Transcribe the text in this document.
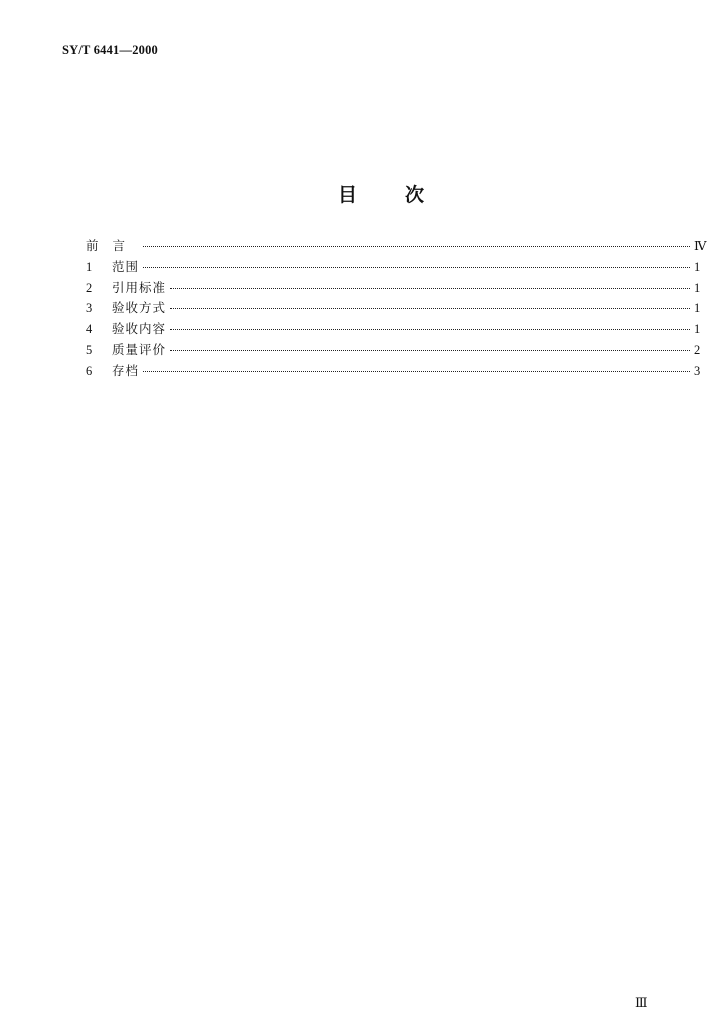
SY/T 6441—2000
目	次
前言	Ⅳ
1	范围	1
2	引用标准	1
3	验收方式	1
4	验收内容	1
5	质量评价	2
6	存档	3
Ⅲ
